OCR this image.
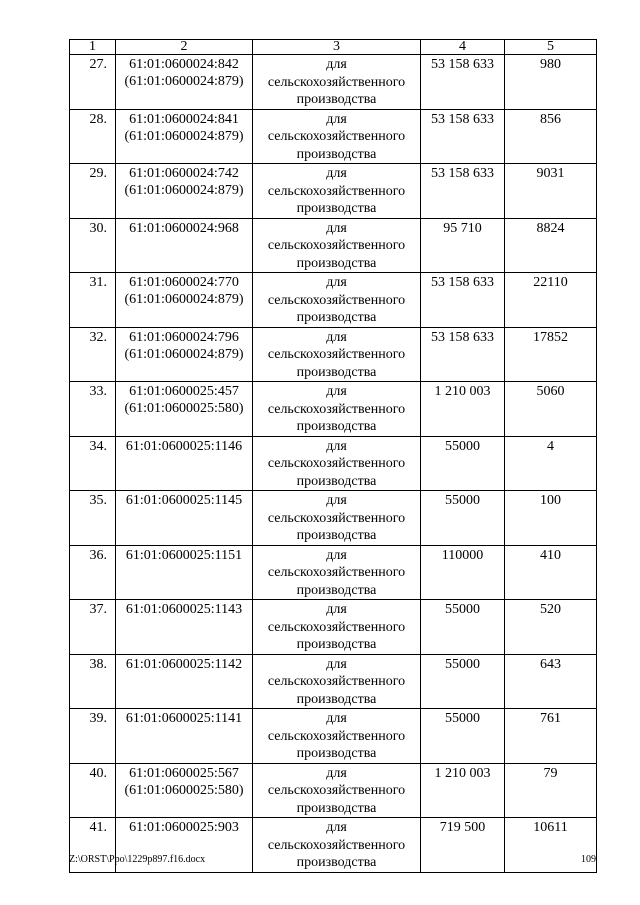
1	2	3	4	5

27.	61:01:0600024:842
(61:01:0600024:879)	для
сельскохозяйственного
производства	53 158 633	980

28.	61:01:0600024:841
(61:01:0600024:879)	для
сельскохозяйственного
производства	53 158 633	856

29.	61:01:0600024:742
(61:01:0600024:879)	для
сельскохозяйственного
производства	53 158 633	9031

30.	61:01:0600024:968	для
сельскохозяйственного
производства	95 710	8824

31.	61:01:0600024:770
(61:01:0600024:879)	для
сельскохозяйственного
производства	53 158 633	22110

32.	61:01:0600024:796
(61:01:0600024:879)	для
сельскохозяйственного
производства	53 158 633	17852

33.	61:01:0600025:457
(61:01:0600025:580)	для
сельскохозяйственного
производства	1 210 003	5060

34.	61:01:0600025:1146	для
сельскохозяйственного
производства	55000	4

35.	61:01:0600025:1145	для
сельскохозяйственного
производства	55000	100

36.	61:01:0600025:1151	для
сельскохозяйственного
производства	110000	410

37.	61:01:0600025:1143	для
сельскохозяйственного
производства	55000	520

38.	61:01:0600025:1142	для
сельскохозяйственного
производства	55000	643

39.	61:01:0600025:1141	для
сельскохозяйственного
производства	55000	761

40.	61:01:0600025:567
(61:01:0600025:580)	для
сельскохозяйственного
производства	1 210 003	79

41.	61:01:0600025:903	для
сельскохозяйственного
производства	719 500	10611
Z:\ORST\Ppo\1229p897.f16.docx	109
